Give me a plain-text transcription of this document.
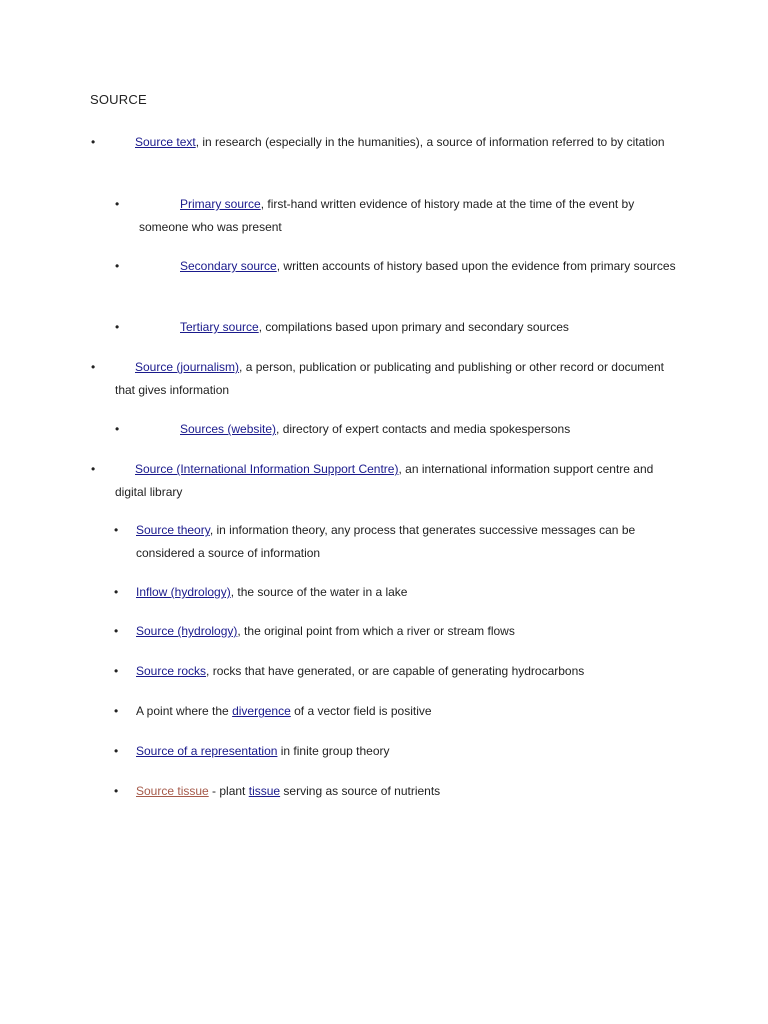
SOURCE
•	Source text, in research (especially in the humanities), a source of information referred to by citation
•	Primary source, first-hand written evidence of history made at the time of the event by someone who was present
•	Secondary source, written accounts of history based upon the evidence from primary sources
•	Tertiary source, compilations based upon primary and secondary sources
•	Source (journalism), a person, publication or publicating and publishing or other record or document that gives information
•	Sources (website), directory of expert contacts and media spokespersons
•	Source (International Information Support Centre), an international information support centre and digital library
• Source theory, in information theory, any process that generates successive messages can be considered a source of information
• Inflow (hydrology), the source of the water in a lake
• Source (hydrology), the original point from which a river or stream flows
• Source rocks, rocks that have generated, or are capable of generating hydrocarbons
• A point where the divergence of a vector field is positive
• Source of a representation in finite group theory
• Source tissue - plant tissue serving as source of nutrients
